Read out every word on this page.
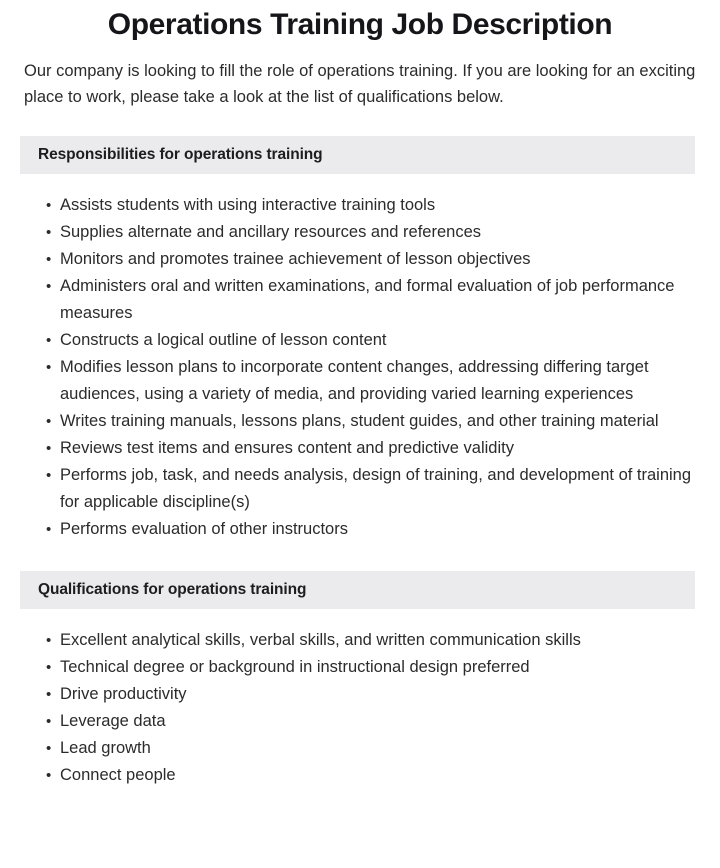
Operations Training Job Description

Our company is looking to fill the role of operations training. If you are looking for an exciting place to work, please take a look at the list of qualifications below.

Responsibilities for operations training
• Assists students with using interactive training tools
• Supplies alternate and ancillary resources and references
• Monitors and promotes trainee achievement of lesson objectives
• Administers oral and written examinations, and formal evaluation of job performance measures
• Constructs a logical outline of lesson content
• Modifies lesson plans to incorporate content changes, addressing differing target audiences, using a variety of media, and providing varied learning experiences
• Writes training manuals, lessons plans, student guides, and other training material
• Reviews test items and ensures content and predictive validity
• Performs job, task, and needs analysis, design of training, and development of training for applicable discipline(s)
• Performs evaluation of other instructors
Qualifications for operations training
• Excellent analytical skills, verbal skills, and written communication skills
• Technical degree or background in instructional design preferred
• Drive productivity
• Leverage data
• Lead growth
• Connect people
